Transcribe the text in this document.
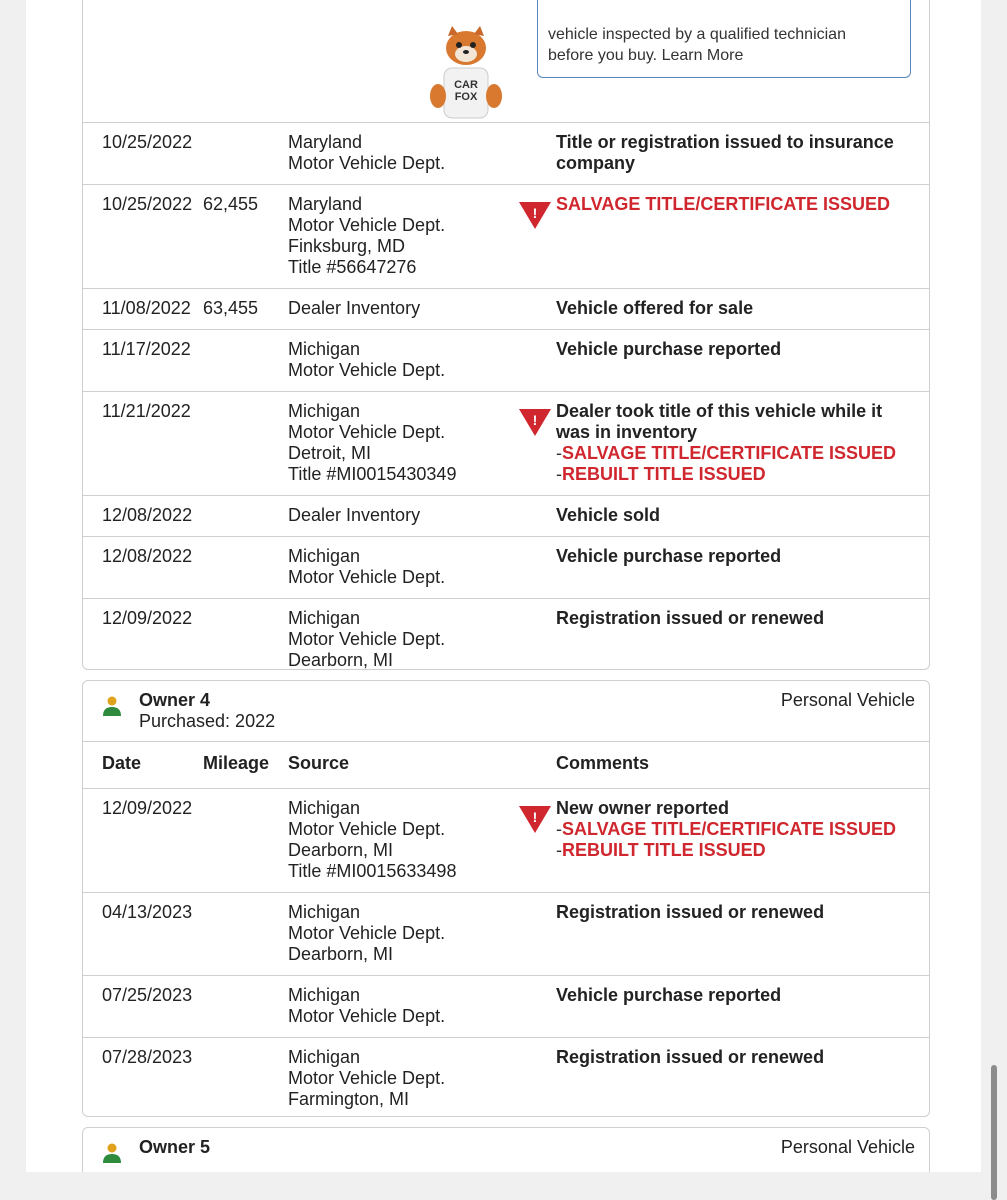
CAR
FOX
vehicle inspected by a qualified technician
before you buy. Learn More
10/25/2022	Maryland
Motor Vehicle Dept.
Title or registration issued to insurance company
10/25/2022 62,455	Maryland
Motor Vehicle Dept.
Finksburg, MD
Title #56647276
! SALVAGE TITLE/CERTIFICATE ISSUED
11/08/2022 63,455	Dealer Inventory	Vehicle offered for sale
11/17/2022	Michigan
Motor Vehicle Dept.
Vehicle purchase reported
11/21/2022	Michigan
Motor Vehicle Dept.
Detroit, MI
Title #MI0015430349
! Dealer took title of this vehicle while it was in inventory
-SALVAGE TITLE/CERTIFICATE ISSUED
-REBUILT TITLE ISSUED
12/08/2022	Dealer Inventory	Vehicle sold
12/08/2022	Michigan
Motor Vehicle Dept.
Vehicle purchase reported
12/09/2022	Michigan
Motor Vehicle Dept.
Dearborn, MI
Registration issued or renewed
Owner 4
Purchased: 2022
Personal Vehicle
Date	Mileage	Source	Comments
12/09/2022	Michigan
Motor Vehicle Dept.
Dearborn, MI
Title #MI0015633498
! New owner reported
-SALVAGE TITLE/CERTIFICATE ISSUED
-REBUILT TITLE ISSUED
04/13/2023	Michigan
Motor Vehicle Dept.
Dearborn, MI
Registration issued or renewed
07/25/2023	Michigan
Motor Vehicle Dept.
Vehicle purchase reported
07/28/2023	Michigan
Motor Vehicle Dept.
Farmington, MI
Registration issued or renewed
Owner 5	Personal Vehicle
